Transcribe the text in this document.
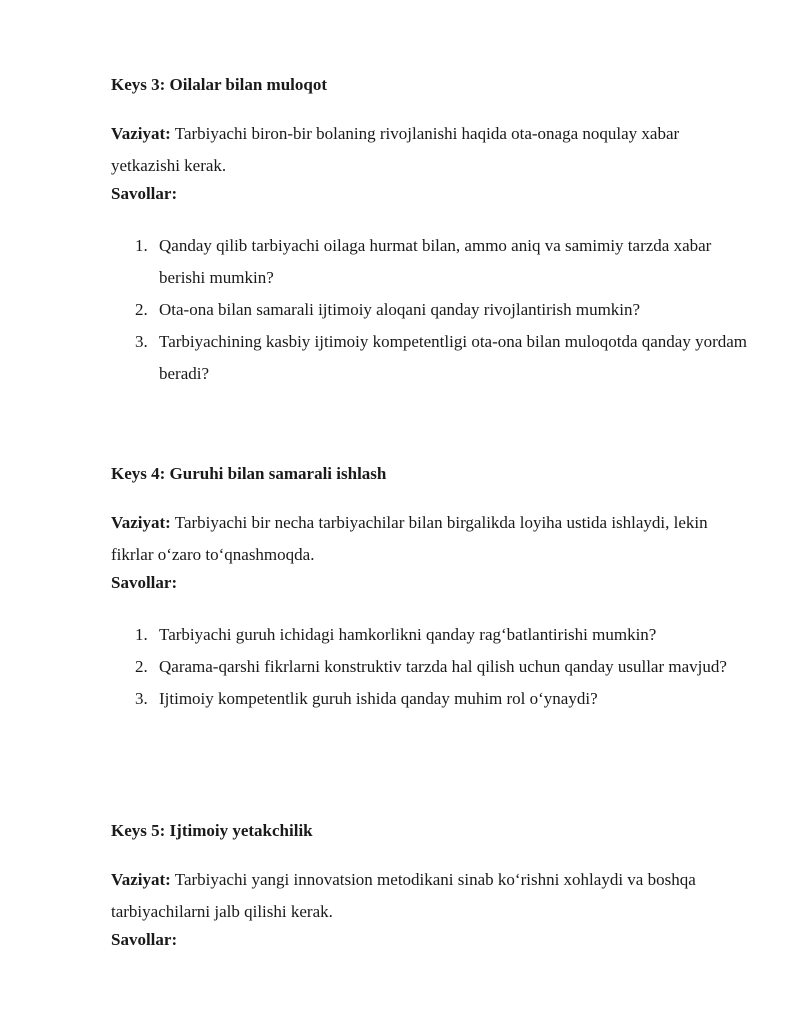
Keys 3: Oilalar bilan muloqot

Vaziyat: Tarbiyachi biron-bir bolaning rivojlanishi haqida ota-onaga noqulay xabar yetkazishi kerak.

Savollar:

1. Qanday qilib tarbiyachi oilaga hurmat bilan, ammo aniq va samimiy tarzda xabar berishi mumkin?
2. Ota-ona bilan samarali ijtimoiy aloqani qanday rivojlantirish mumkin?
3. Tarbiyachining kasbiy ijtimoiy kompetentligi ota-ona bilan muloqotda qanday yordam beradi?

Keys 4: Guruhi bilan samarali ishlash

Vaziyat: Tarbiyachi bir necha tarbiyachilar bilan birgalikda loyiha ustida ishlaydi, lekin fikrlar o‘zaro to‘qnashmoqda.

Savollar:

1. Tarbiyachi guruh ichidagi hamkorlikni qanday rag‘batlantirishi mumkin?
2. Qarama-qarshi fikrlarni konstruktiv tarzda hal qilish uchun qanday usullar mavjud?
3. Ijtimoiy kompetentlik guruh ishida qanday muhim rol o‘ynaydi?

Keys 5: Ijtimoiy yetakchilik

Vaziyat: Tarbiyachi yangi innovatsion metodikani sinab ko‘rishni xohlaydi va boshqa tarbiyachilarni jalb qilishi kerak.

Savollar:
